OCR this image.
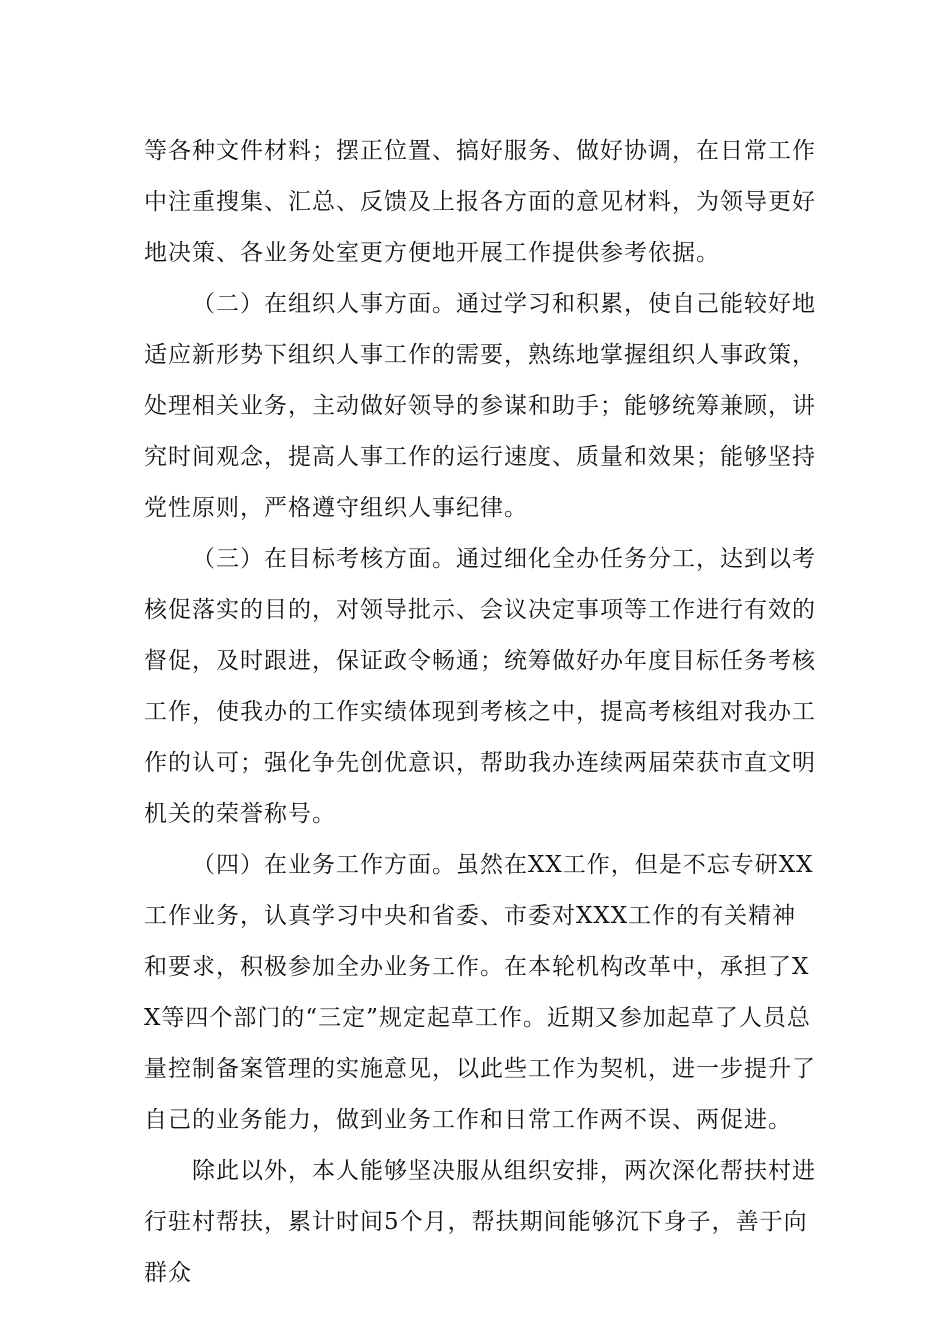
等各种文件材料；摆正位置、搞好服务、做好协调，在日常工作中注重搜集、汇总、反馈及上报各方面的意见材料，为领导更好地决策、各业务处室更方便地开展工作提供参考依据。

（二）在组织人事方面。通过学习和积累，使自己能较好地适应新形势下组织人事工作的需要，熟练地掌握组织人事政策，处理相关业务，主动做好领导的参谋和助手；能够统筹兼顾，讲究时间观念，提高人事工作的运行速度、质量和效果；能够坚持党性原则，严格遵守组织人事纪律。

（三）在目标考核方面。通过细化全办任务分工，达到以考核促落实的目的，对领导批示、会议决定事项等工作进行有效的督促，及时跟进，保证政令畅通；统筹做好办年度目标任务考核工作，使我办的工作实绩体现到考核之中，提高考核组对我办工作的认可；强化争先创优意识，帮助我办连续两届荣获市直文明机关的荣誉称号。

（四）在业务工作方面。虽然在XX工作，但是不忘专研XX工作业务，认真学习中央和省委、市委对XXX工作的有关精神和要求，积极参加全办业务工作。在本轮机构改革中，承担了XX等四个部门的“三定”规定起草工作。近期又参加起草了人员总量控制备案管理的实施意见，以此些工作为契机，进一步提升了自己的业务能力，做到业务工作和日常工作两不误、两促进。

除此以外，本人能够坚决服从组织安排，两次深化帮扶村进行驻村帮扶，累计时间5个月，帮扶期间能够沉下身子，善于向群众
